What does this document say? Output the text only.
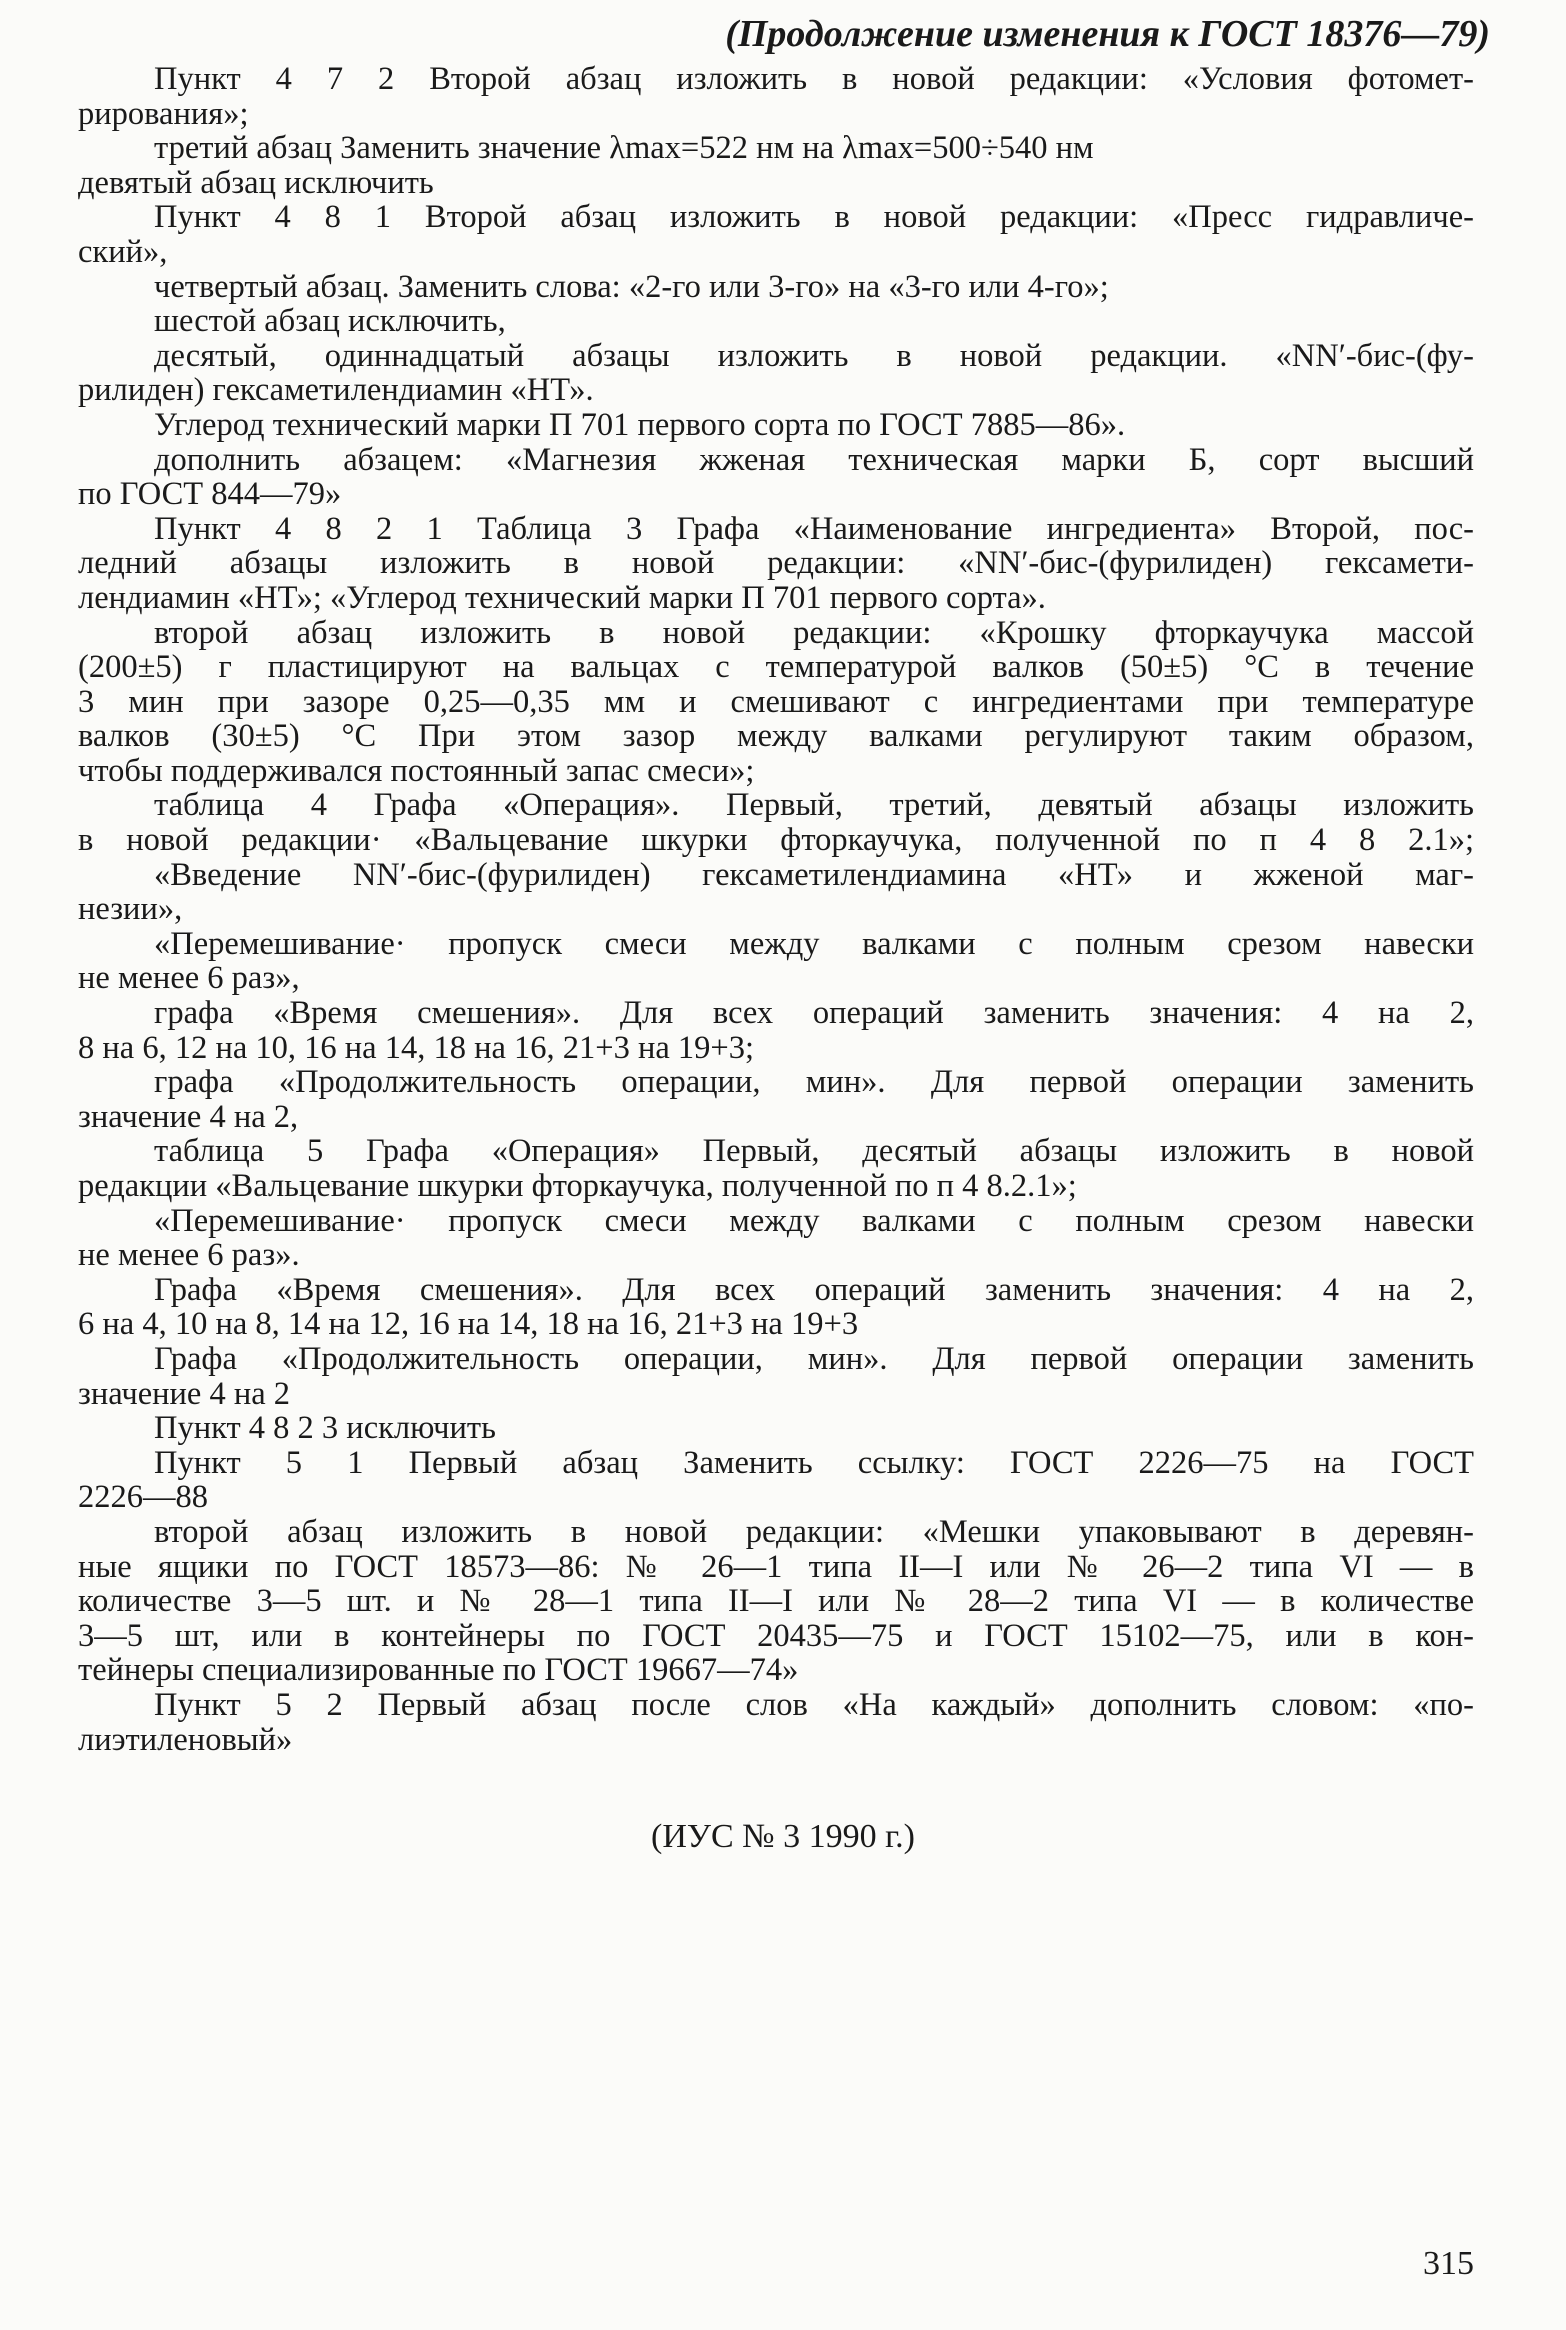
(Продолжение изменения к ГОСТ 18376—79)
Пункт 4 7 2 Второй абзац изложить в новой редакции: «Условия фотомет-
рирования»;
третий абзац Заменить значение λmax=522 нм на λmax=500÷540 нм
девятый абзац исключить
Пункт 4 8 1 Второй абзац изложить в новой редакции: «Пресс гидравличе-
ский»,
четвертый абзац. Заменить слова: «2-го или 3-го» на «3-го или 4-го»;
шестой абзац исключить,
десятый, одиннадцатый абзацы изложить в новой редакции. «NN′-бис-(фу-
рилиден) гексаметилендиамин «НТ».
Углерод технический марки П 701 первого сорта по ГОСТ 7885—86».
дополнить абзацем: «Магнезия жженая техническая марки Б, сорт высший
по ГОСТ 844—79»
Пункт 4 8 2 1 Таблица 3 Графа «Наименование ингредиента» Второй, пос-
ледний абзацы изложить в новой редакции: «NN′-бис-(фурилиден) гексамети-
лендиамин «НТ»; «Углерод технический марки П 701 первого сорта».
второй абзац изложить в новой редакции: «Крошку фторкаучука массой
(200±5) г пластицируют на вальцах с температурой валков (50±5) °С в течение
3 мин при зазоре 0,25—0,35 мм и смешивают с ингредиентами при температуре
валков (30±5) °С При этом зазор между валками регулируют таким образом,
чтобы поддерживался постоянный запас смеси»;
таблица 4 Графа «Операция». Первый, третий, девятый абзацы изложить
в новой редакции· «Вальцевание шкурки фторкаучука, полученной по п 4 8 2.1»;
«Введение NN′-бис-(фурилиден) гексаметилендиамина «НТ» и жженой маг-
незии»,
«Перемешивание· пропуск смеси между валками с полным срезом навески
не менее 6 раз»,
графа «Время смешения». Для всех операций заменить значения: 4 на 2,
8 на 6, 12 на 10, 16 на 14, 18 на 16, 21+3 на 19+3;
графа «Продолжительность операции, мин». Для первой операции заменить
значение 4 на 2,
таблица 5 Графа «Операция» Первый, десятый абзацы изложить в новой
редакции «Вальцевание шкурки фторкаучука, полученной по п 4 8.2.1»;
«Перемешивание· пропуск смеси между валками с полным срезом навески
не менее 6 раз».
Графа «Время смешения». Для всех операций заменить значения: 4 на 2,
6 на 4, 10 на 8, 14 на 12, 16 на 14, 18 на 16, 21+3 на 19+3
Графа «Продолжительность операции, мин». Для первой операции заменить
значение 4 на 2
Пункт 4 8 2 3 исключить
Пункт 5 1 Первый абзац Заменить ссылку: ГОСТ 2226—75 на ГОСТ
2226—88
второй абзац изложить в новой редакции: «Мешки упаковывают в деревян-
ные ящики по ГОСТ 18573—86: № 26—1 типа II—I или № 26—2 типа VI — в
количестве 3—5 шт. и № 28—1 типа II—I или № 28—2 типа VI — в количестве
3—5 шт, или в контейнеры по ГОСТ 20435—75 и ГОСТ 15102—75, или в кон-
тейнеры специализированные по ГОСТ 19667—74»
Пункт 5 2 Первый абзац после слов «На каждый» дополнить словом: «по-
лиэтиленовый»
(ИУС № 3 1990 г.)
315
